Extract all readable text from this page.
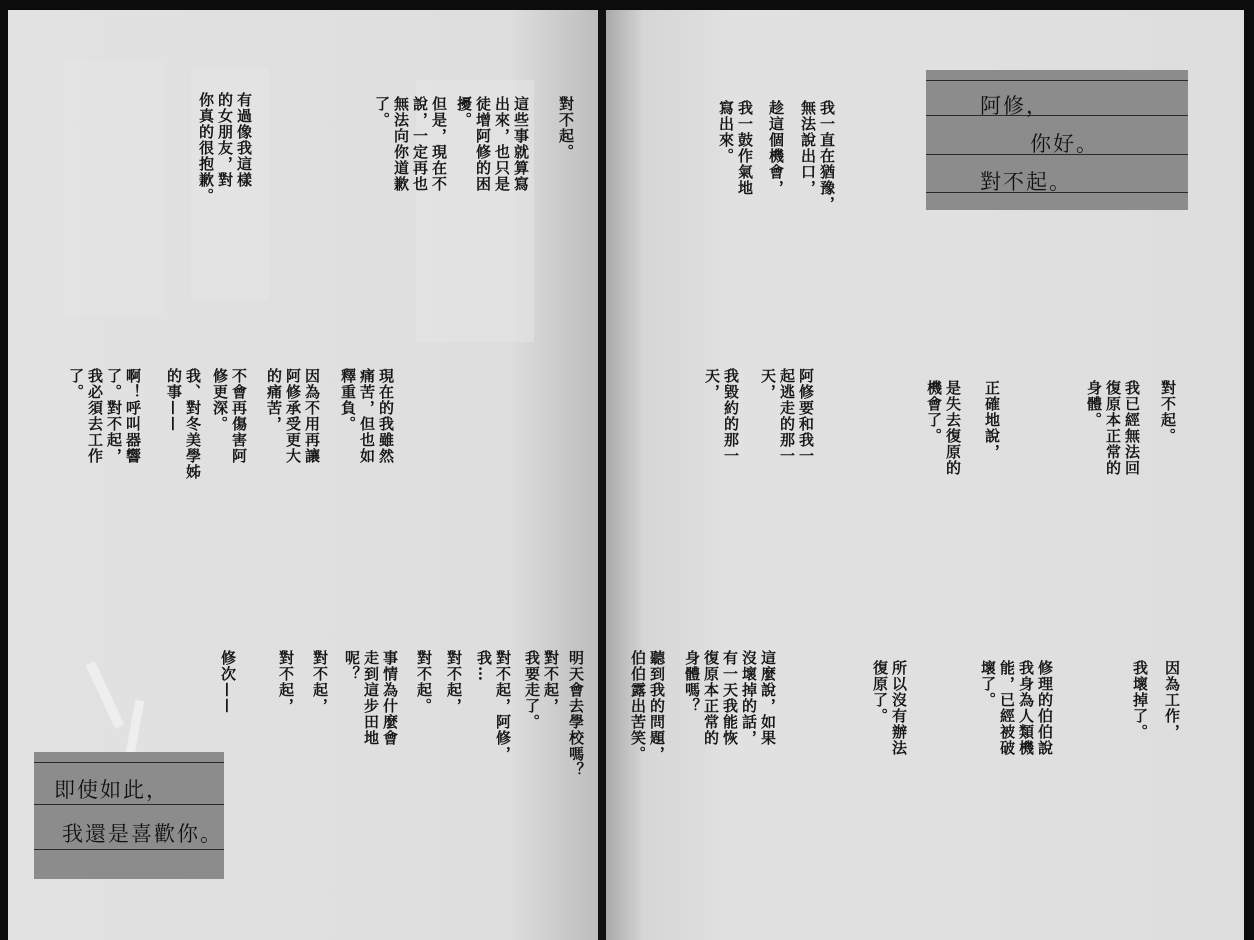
對不起。
這些事就算寫
出來，也只是
徒增阿修的困
擾。
但是，現在不
說，一定再也
無法向你道歉
了。
有過像我這樣
的女朋友，對
你真的很抱歉。
現在的我雖然
痛苦，但也如
釋重負。
因為不用再讓
阿修承受更大
的痛苦，
不會再傷害阿
修更深。
我、對冬美學姊
的事——
啊！呼叫器響
了。對不起，
我必須去工作
了。
明天會去學校嗎？
對不起，
我要走了。
對不起，阿修，
我…
對不起，
對不起。
事情為什麼會
走到這步田地
呢？
對不起，
對不起，
修次——
即使如此，
我還是喜歡你。
阿修，
你好。
對不起。
我一直在猶豫，
無法說出口，
趁這個機會，
我一鼓作氣地
寫出來。
對不起。
我已經無法回
復原本正常的
身體。
正確地說，
是失去復原的
機會了。
阿修要和我一
起逃走的那一
天，
我毀約的那一
天，
因為工作，
我壞掉了。
修理的伯伯說
我身為人類機
能，已經被破
壞了。
所以沒有辦法
復原了。
這麼說，如果
沒壞掉的話，
有一天我能恢
復原本正常的
身體嗎？
聽到我的問題，
伯伯露出苦笑。
